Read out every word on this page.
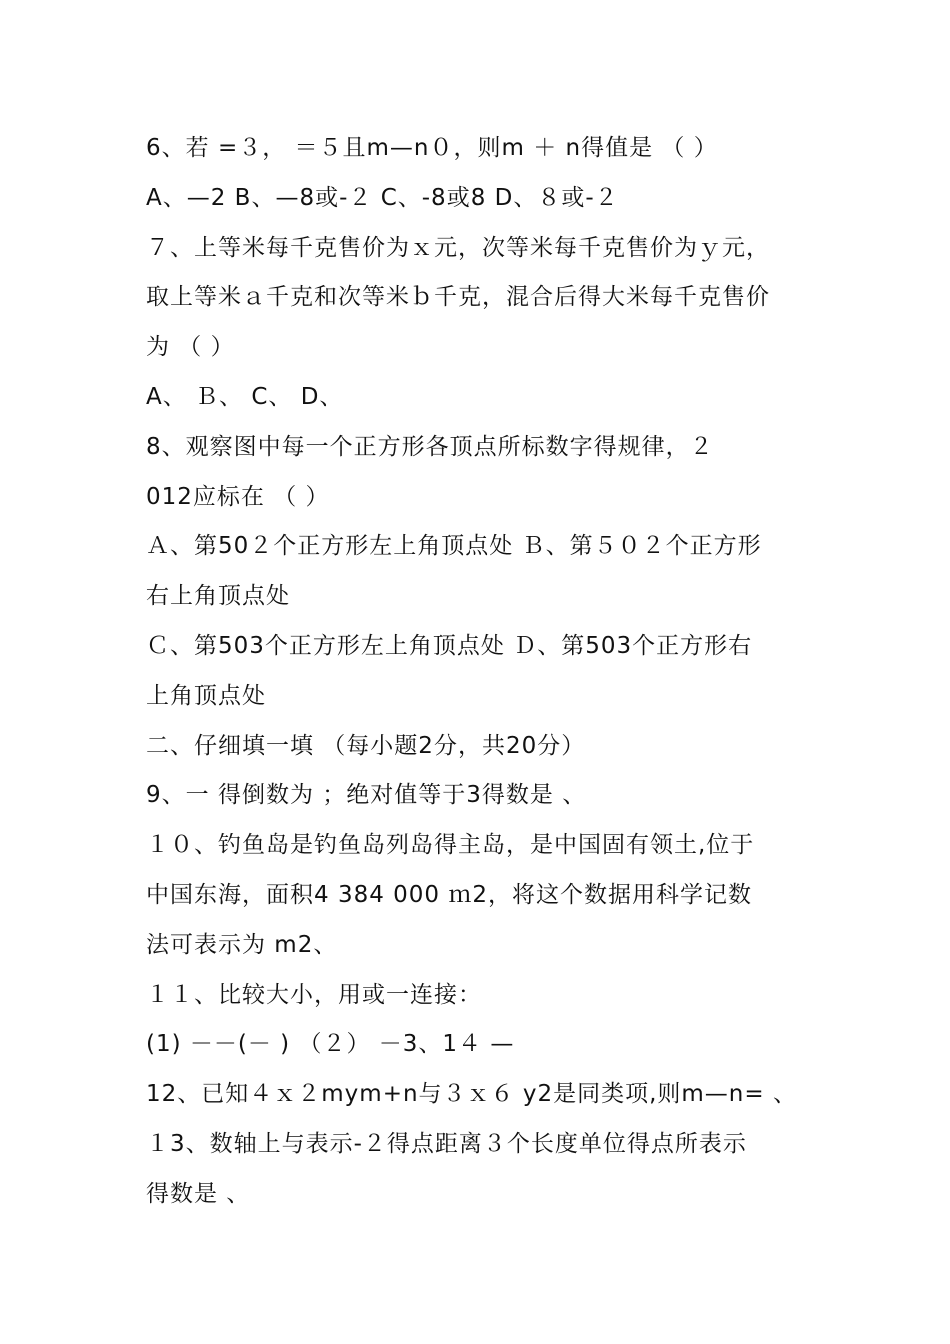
6、若 =３， ＝５且m—n０，则m ＋ n得值是 （ ）
A、—2 B、—8或-２ C、-8或8 D、８或-２
７、上等米每千克售价为ｘ元，次等米每千克售价为ｙ元，
取上等米ａ千克和次等米ｂ千克，混合后得大米每千克售价
为 （ ）
A、 Ｂ、 C、 D、
8、观察图中每一个正方形各顶点所标数字得规律，２
012应标在 （ ）
Ａ、第50２个正方形左上角顶点处 Ｂ、第５０２个正方形
右上角顶点处
Ｃ、第503个正方形左上角顶点处 Ｄ、第503个正方形右
上角顶点处
二、仔细填一填 （每小题2分，共20分）
9、一 得倒数为 ；绝对值等于3得数是 、
１０、钓鱼岛是钓鱼岛列岛得主岛，是中国固有领土,位于
中国东海，面积4 384 000 ｍ2，将这个数据用科学记数
法可表示为 m2、
１１、比较大小，用或一连接：
(1) －－(－ ) （２） －3、1４ —
12、已知４ｘ２mym+n与３ｘ６ y2是同类项,则m—n= 、
１3、数轴上与表示-２得点距离３个长度单位得点所表示
得数是 、
